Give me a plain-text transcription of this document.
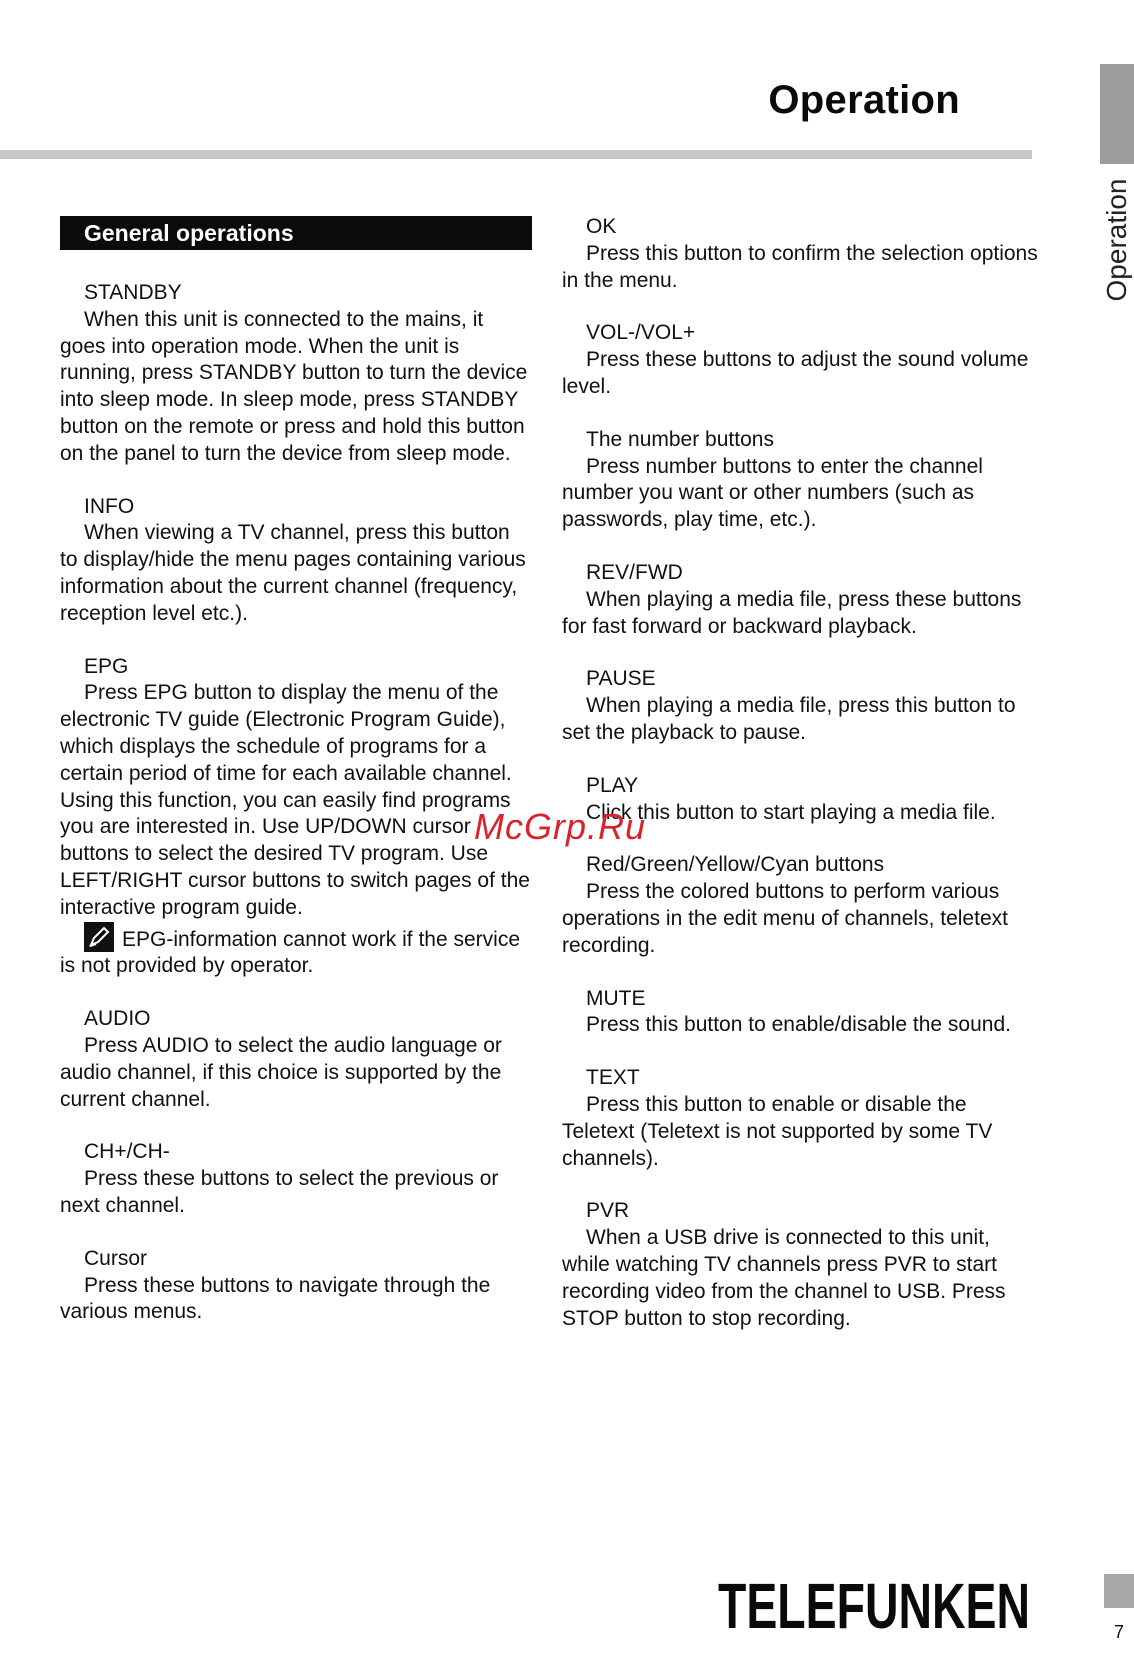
Operation
Operation
General operations
STANDBY
When this unit is connected to the mains, it goes into operation mode. When the unit is running, press STANDBY button to turn the device into sleep mode. In sleep mode, press STANDBY button on the remote or press and hold this button on the panel to turn the device from sleep mode.
INFO
When viewing a TV channel, press this button to display/hide the menu pages containing various information about the current channel (frequency, reception level etc.).
EPG
Press EPG button to display the menu of the electronic TV guide (Electronic Program Guide), which displays the schedule of programs for a certain period of time for each available channel. Using this function, you can easily find programs you are interested in. Use UP/DOWN cursor buttons to select the desired TV program. Use LEFT/RIGHT cursor buttons to switch pages of the interactive program guide.
EPG-information cannot work if the service is not provided by operator.
AUDIO
Press AUDIO to select the audio language or audio channel, if this choice is supported by the current channel.
CH+/CH-
Press these buttons to select the previous or next channel.
Cursor
Press these buttons to navigate through the various menus.
OK
Press this button to confirm the selection options in the menu.
VOL-/VOL+
Press these buttons to adjust the sound volume level.
The number buttons
Press number buttons to enter the channel number you want or other numbers (such as passwords, play time, etc.).
REV/FWD
When playing a media file, press these buttons for fast forward or backward playback.
PAUSE
When playing a media file, press this button to set the playback to pause.
PLAY
Click this button to start playing a media file.
Red/Green/Yellow/Cyan buttons
Press the colored buttons to perform various operations in the edit menu of channels, teletext recording.
MUTE
Press this button to enable/disable the sound.
TEXT
Press this button to enable or disable the Teletext (Teletext is not supported by some TV channels).
PVR
When a USB drive is connected to this unit, while watching TV channels press PVR to start recording video from the channel to USB. Press STOP button to stop recording.
McGrp.Ru
TELEFUNKEN	7
